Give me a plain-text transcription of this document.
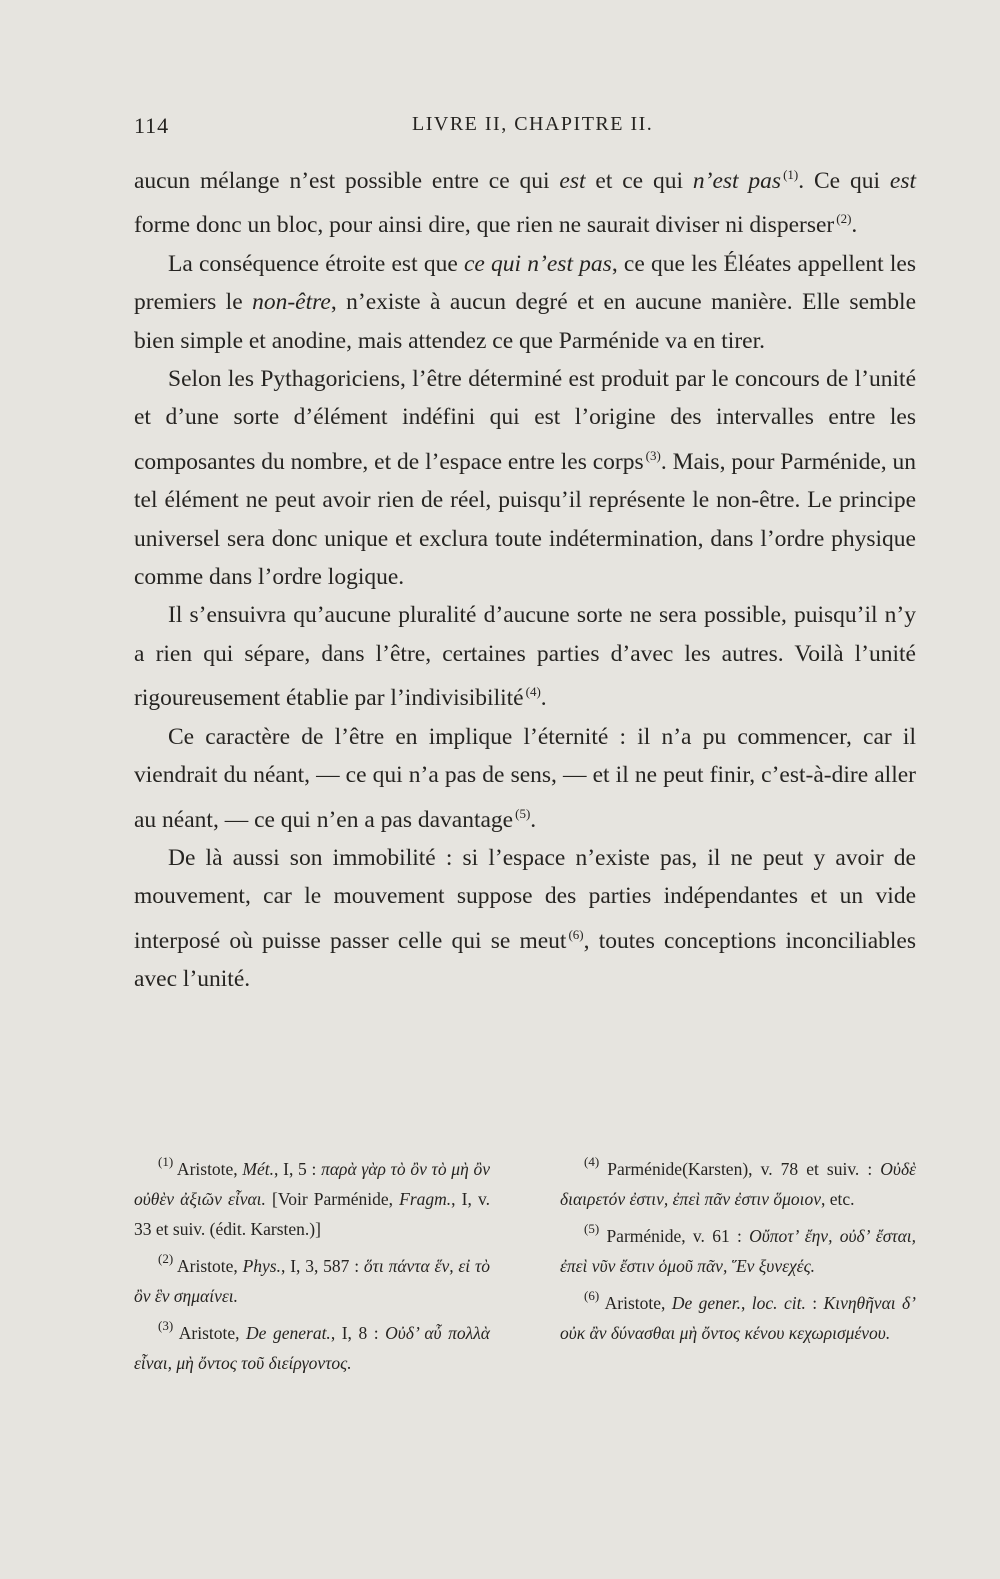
114	LIVRE II, CHAPITRE II.

aucun mélange n’est possible entre ce qui est et ce qui n’est pas $^{(1)}$. Ce qui est forme donc un bloc, pour ainsi dire, que rien ne saurait diviser ni disperser $^{(2)}$.

La conséquence étroite est que ce qui n’est pas, ce que les Éléates appellent les premiers le non-être, n’existe à aucun degré et en aucune manière. Elle semble bien simple et anodine, mais attendez ce que Parménide va en tirer.

Selon les Pythagoriciens, l’être déterminé est produit par le concours de l’unité et d’une sorte d’élément indéfini qui est l’origine des intervalles entre les composantes du nombre, et de l’espace entre les corps $^{(3)}$. Mais, pour Parménide, un tel élément ne peut avoir rien de réel, puisqu’il représente le non-être. Le principe universel sera donc unique et exclura toute indétermination, dans l’ordre physique comme dans l’ordre logique.

Il s’ensuivra qu’aucune pluralité d’aucune sorte ne sera possible, puisqu’il n’y a rien qui sépare, dans l’être, certaines parties d’avec les autres. Voilà l’unité rigoureusement établie par l’indivisibilité $^{(4)}$.

Ce caractère de l’être en implique l’éternité : il n’a pu commencer, car il viendrait du néant, — ce qui n’a pas de sens, — et il ne peut finir, c’est-à-dire aller au néant, — ce qui n’en a pas davantage $^{(5)}$.

De là aussi son immobilité : si l’espace n’existe pas, il ne peut y avoir de mouvement, car le mouvement suppose des parties indépendantes et un vide interposé où puisse passer celle qui se meut $^{(6)}$, toutes conceptions inconciliables avec l’unité.

$^{(1)}$ Aristote, Mét., I, 5 : παρὰ γὰρ τὸ ὂν τὸ μὴ ὂν οὐθὲν ἀξιῶν εἶναι. [Voir Parménide, Fragm., I, v. 33 et suiv. (édit. Karsten.)]

$^{(2)}$ Aristote, Phys., I, 3, 587 : ὅτι πάντα ἕν, εἰ τὸ ὂν ἓν σημαίνει.

$^{(3)}$ Aristote, De generat., I, 8 : Οὐδ’ αὖ πολλὰ εἶναι, μὴ ὄντος τοῦ διείργοντος.

$^{(4)}$ Parménide(Karsten), v. 78 et suiv. : Οὐδὲ διαιρετόν ἐστιν, ἐπεὶ πᾶν ἐστιν ὅμοιον, etc.

$^{(5)}$ Parménide, v. 61 : Οὔποτ’ ἔην, οὐδ’ ἔσται, ἐπεὶ νῦν ἔστιν ὁμοῦ πᾶν, Ἕν ξυνεχές.

$^{(6)}$ Aristote, De gener., loc. cit. : Κινηθῆναι δ’ οὐκ ἂν δύνασθαι μὴ ὄντος κένου κεχωρισμένου.
